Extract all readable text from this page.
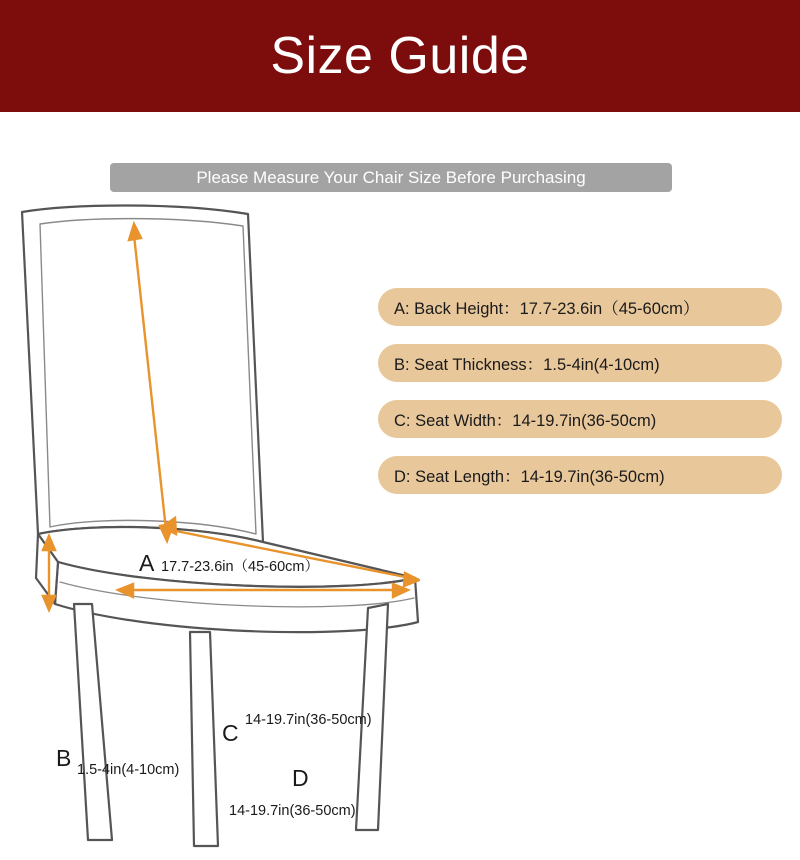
Size Guide
Please Measure Your Chair Size Before Purchasing
A: Back Height：17.7-23.6in（45-60cm）
B: Seat Thickness：1.5-4in(4-10cm)
C: Seat Width：14-19.7in(36-50cm)
D: Seat Length：14-19.7in(36-50cm)
A 17.7-23.6in（45-60cm）
C 14-19.7in(36-50cm)
B 1.5-4in(4-10cm)	D
14-19.7in(36-50cm)
